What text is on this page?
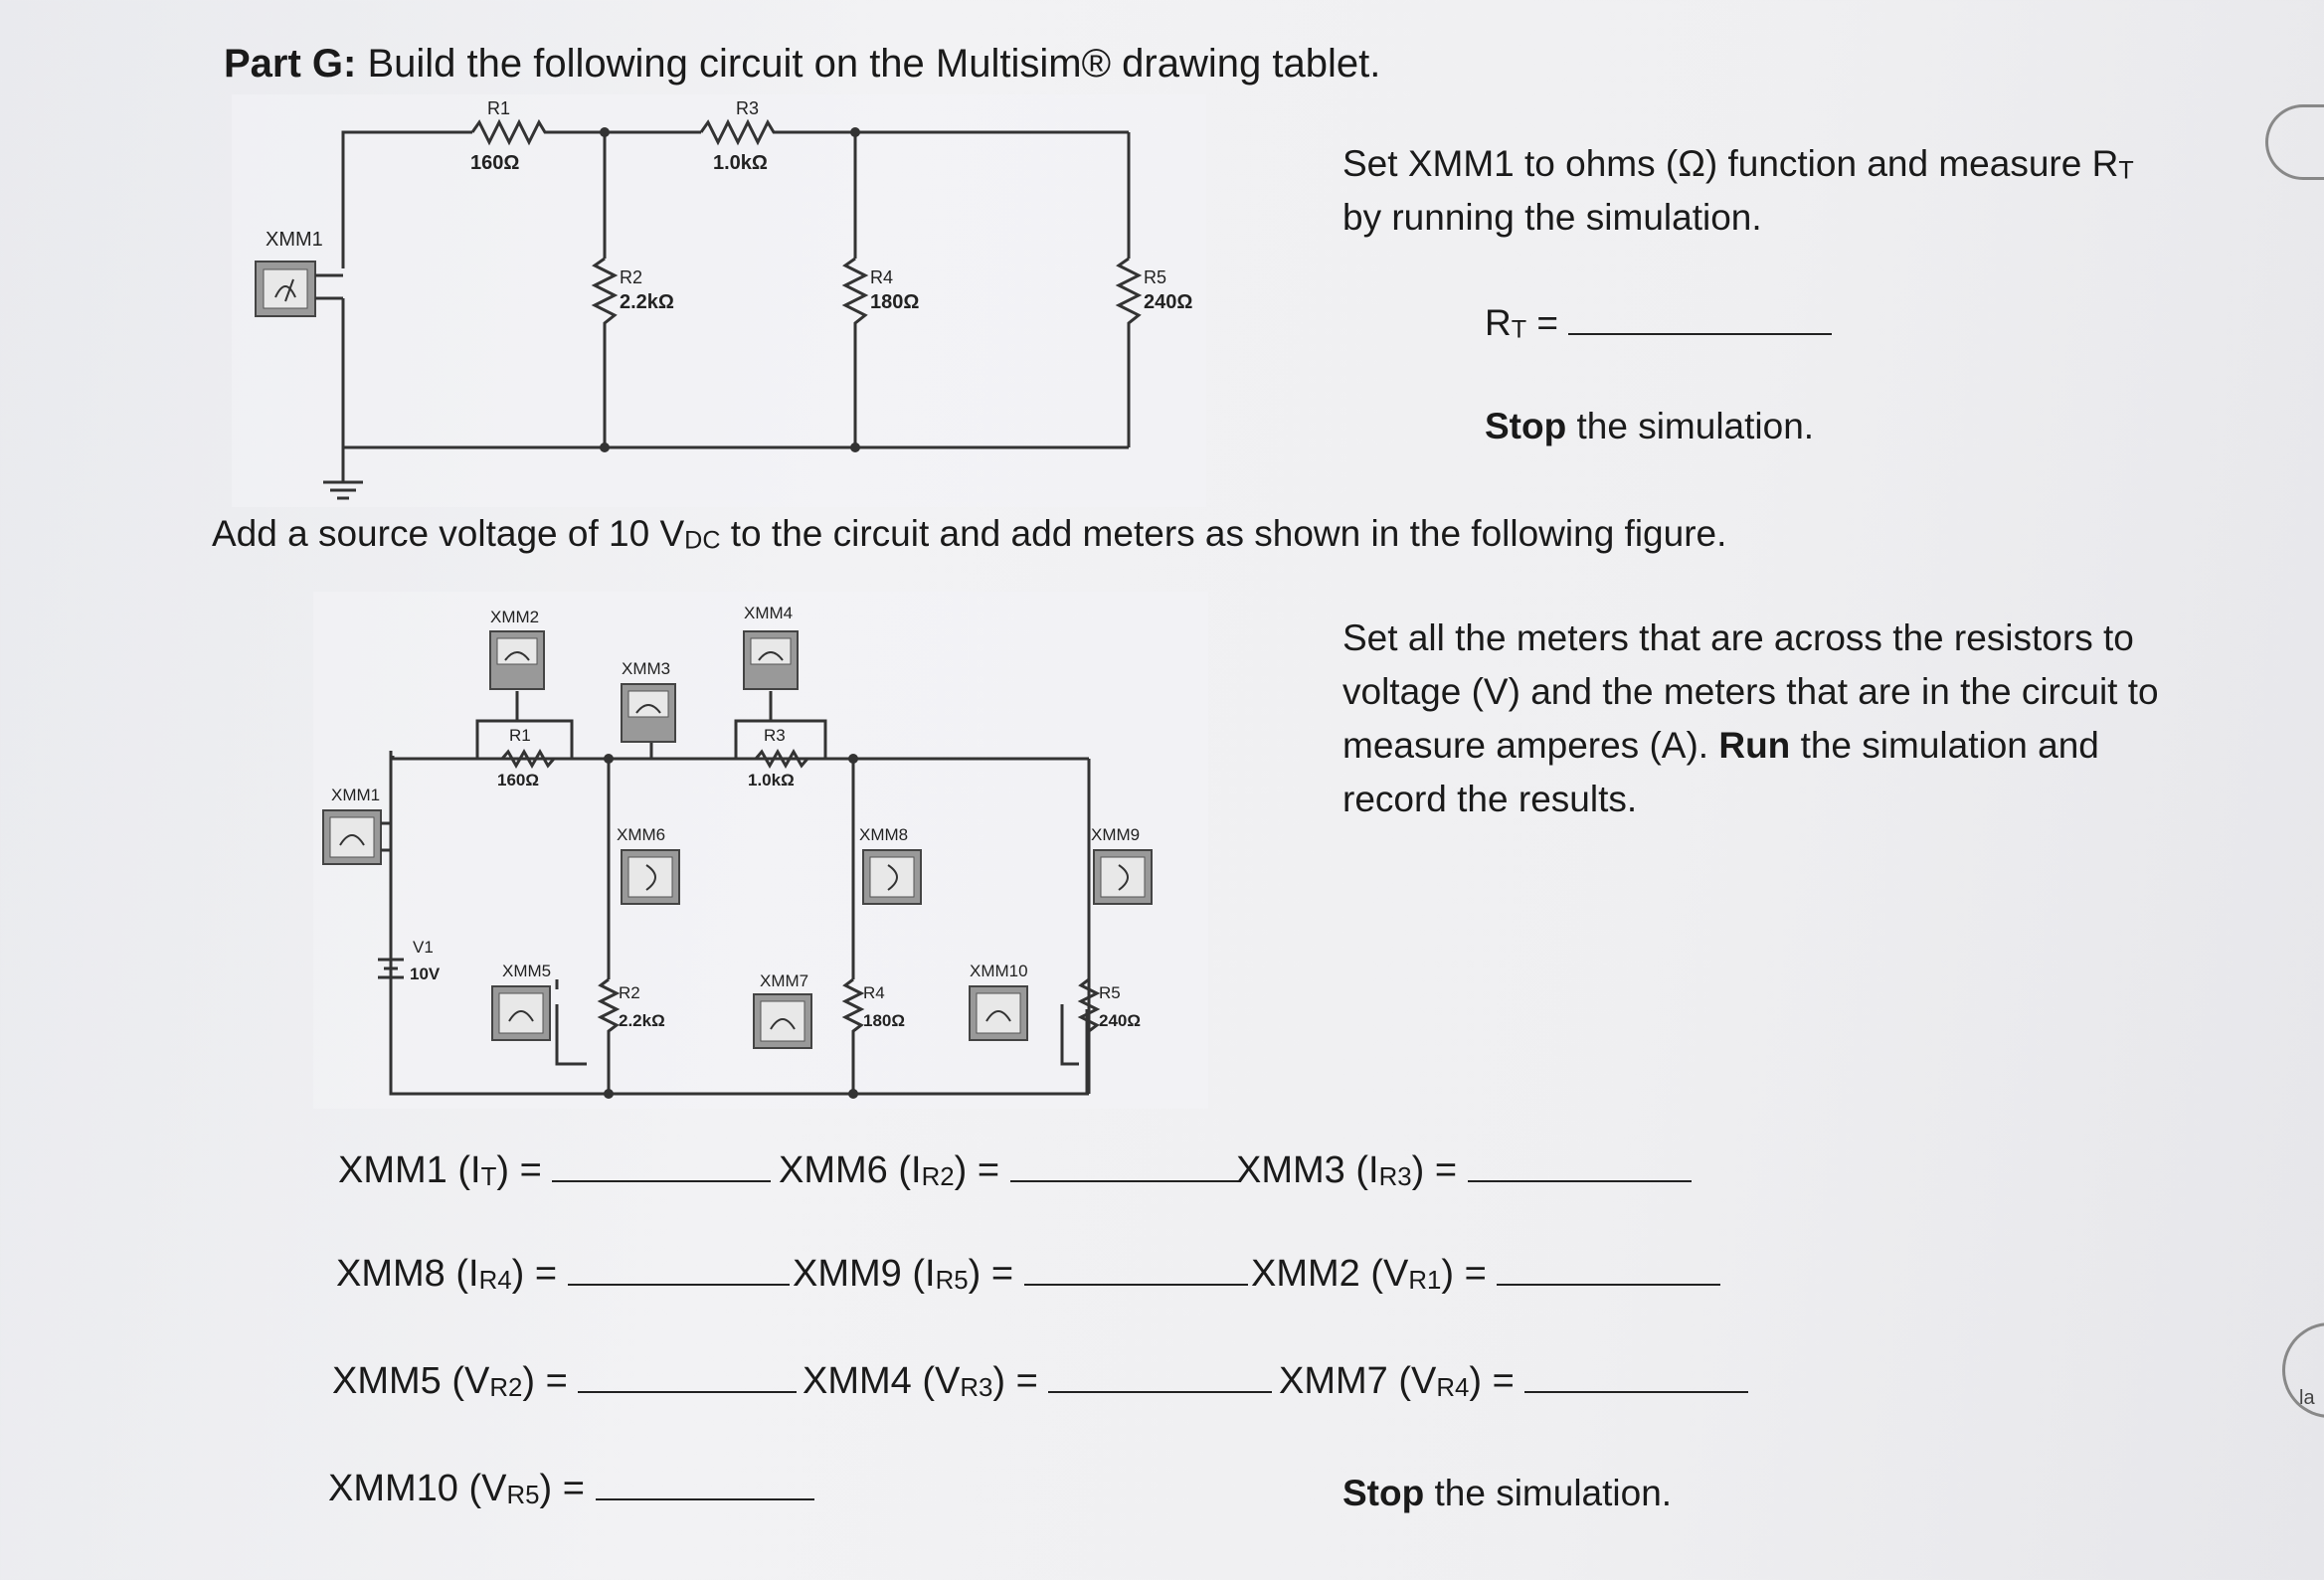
Part G: Build the following circuit on the Multisim® drawing tablet.
XMM1
R1
160Ω
R3
1.0kΩ
R2
2.2kΩ
R4
180Ω
R5
240Ω
Set XMM1 to ohms (Ω) function and measure $R_T$
by running the simulation.
$R_T$ =
Stop the simulation.
Add a source voltage of 10 $V_{DC}$ to the circuit and add meters as shown in the following figure.
XMM2	XMM4
XMM3
XMM1
XMM6	XMM8	XMM9
XMM5
XMM7
XMM10
R1
160Ω
R3
1.0kΩ
R2
2.2kΩ
R4
180Ω
R5
240Ω
V1
10V
Set all the meters that are across the resistors to
voltage (V) and the meters that are in the circuit to
measure amperes (A). Run the simulation and
record the results.
XMM1 $(I_T)$ =	XMM6 $(I_{R2})$ =	XMM3 $(I_{R3})$ =
XMM8 $(I_{R4})$ =	XMM9 $(I_{R5})$ =	XMM2 $(V_{R1})$ =
XMM5 $(V_{R2})$ =	XMM4 $(V_{R3})$ =	XMM7 $(V_{R4})$ =
XMM10 $(V_{R5})$ =	Stop the simulation.
la
